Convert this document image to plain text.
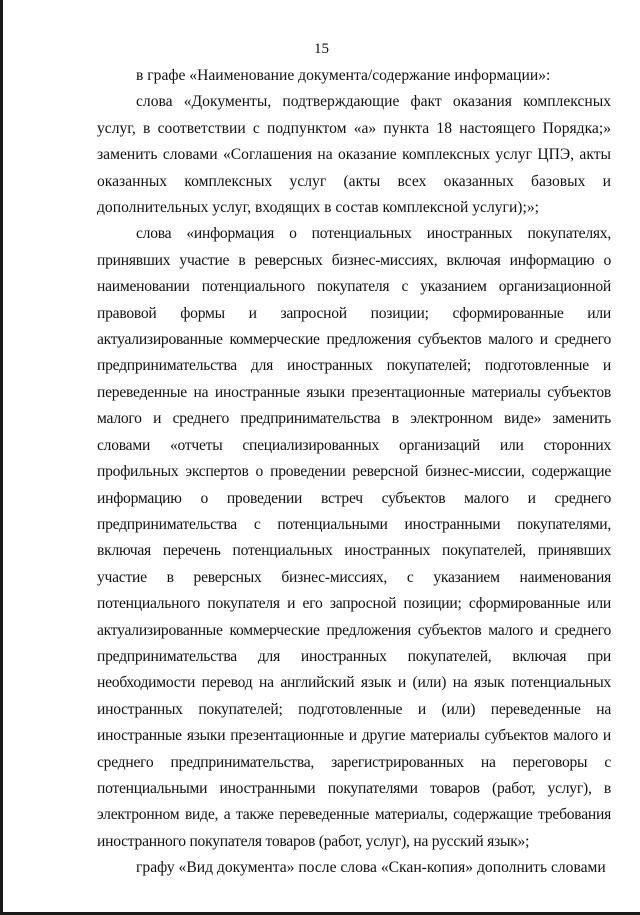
15

в графе «Наименование документа/содержание информации»:

слова «Документы, подтверждающие факт оказания комплексных услуг, в соответствии с подпунктом «а» пункта 18 настоящего Порядка;» заменить словами «Соглашения на оказание комплексных услуг ЦПЭ, акты оказанных комплексных услуг (акты всех оказанных базовых и дополнительных услуг, входящих в состав комплексной услуги);»;

слова «информация о потенциальных иностранных покупателях, принявших участие в реверсных бизнес-миссиях, включая информацию о наименовании потенциального покупателя с указанием организационной правовой формы и запросной позиции; сформированные или актуализированные коммерческие предложения субъектов малого и среднего предпринимательства для иностранных покупателей; подготовленные и переведенные на иностранные языки презентационные материалы субъектов малого и среднего предпринимательства в электронном виде» заменить словами «отчеты специализированных организаций или сторонних профильных экспертов о проведении реверсной бизнес-миссии, содержащие информацию о проведении встреч субъектов малого и среднего предпринимательства с потенциальными иностранными покупателями, включая перечень потенциальных иностранных покупателей, принявших участие в реверсных бизнес-миссиях, с указанием наименования потенциального покупателя и его запросной позиции; сформированные или актуализированные коммерческие предложения субъектов малого и среднего предпринимательства для иностранных покупателей, включая при необходимости перевод на английский язык и (или) на язык потенциальных иностранных покупателей; подготовленные и (или) переведенные на иностранные языки презентационные и другие материалы субъектов малого и среднего предпринимательства, зарегистрированных на переговоры с потенциальными иностранными покупателями товаров (работ, услуг), в электронном виде, а также переведенные материалы, содержащие требования иностранного покупателя товаров (работ, услуг), на русский язык»;

графу «Вид документа» после слова «Скан-копия» дополнить словами
